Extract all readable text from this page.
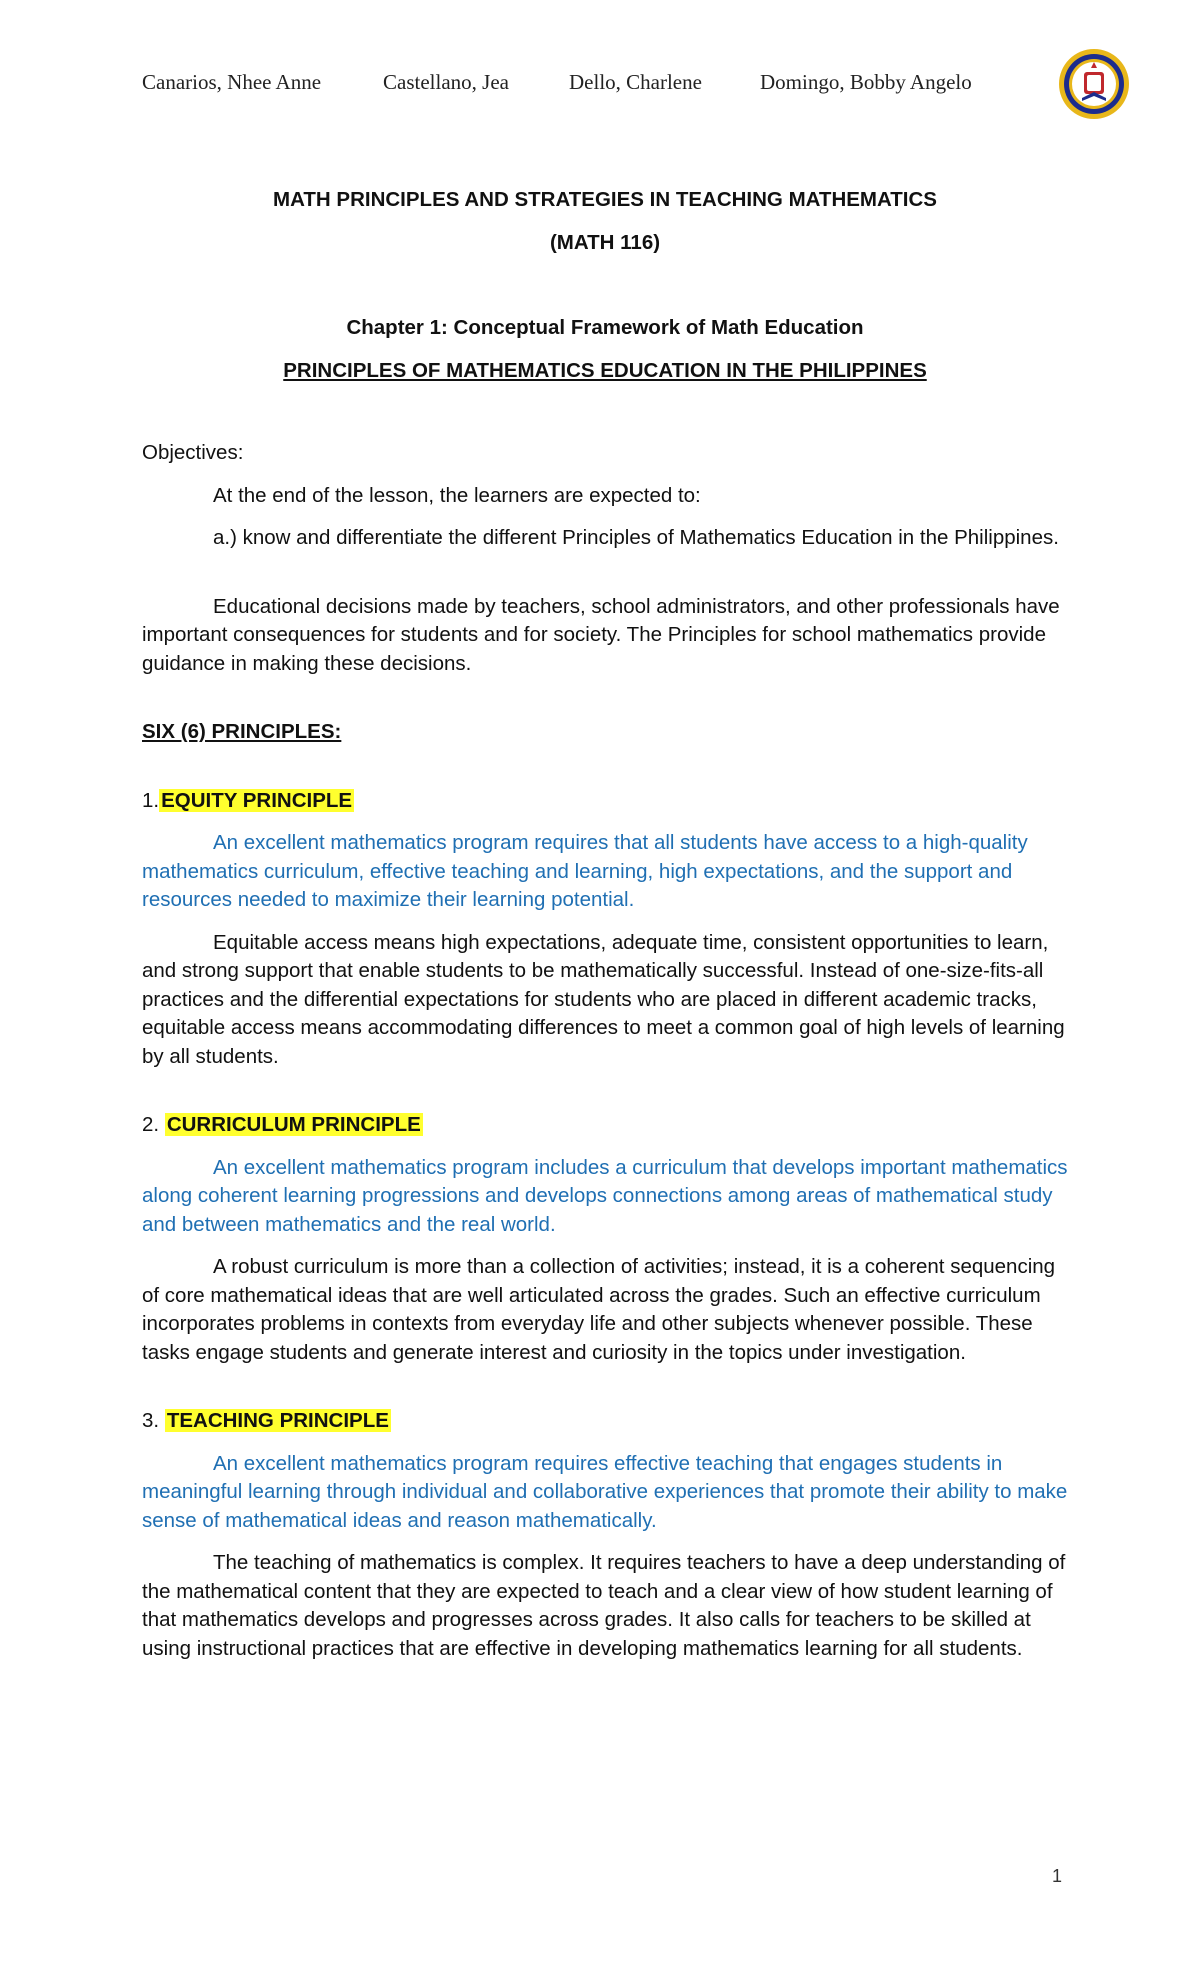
Canarios, Nhee Anne	Castellano, Jea	Dello, Charlene	Domingo, Bobby Angelo

MATH PRINCIPLES AND STRATEGIES IN TEACHING MATHEMATICS

(MATH 116)

Chapter 1: Conceptual Framework of Math Education

PRINCIPLES OF MATHEMATICS EDUCATION IN THE PHILIPPINES

Objectives:

At the end of the lesson, the learners are expected to:

a.) know and differentiate the different Principles of Mathematics Education in the Philippines.

Educational decisions made by teachers, school administrators, and other professionals have important consequences for students and for society. The Principles for school mathematics provide guidance in making these decisions.

SIX (6) PRINCIPLES:

1.EQUITY PRINCIPLE

An excellent mathematics program requires that all students have access to a high-quality mathematics curriculum, effective teaching and learning, high expectations, and the support and resources needed to maximize their learning potential.

Equitable access means high expectations, adequate time, consistent opportunities to learn, and strong support that enable students to be mathematically successful. Instead of one-size-fits-all practices and the differential expectations for students who are placed in different academic tracks, equitable access means accommodating differences to meet a common goal of high levels of learning by all students.

2. CURRICULUM PRINCIPLE

An excellent mathematics program includes a curriculum that develops important mathematics along coherent learning progressions and develops connections among areas of mathematical study and between mathematics and the real world.

A robust curriculum is more than a collection of activities; instead, it is a coherent sequencing of core mathematical ideas that are well articulated across the grades. Such an effective curriculum incorporates problems in contexts from everyday life and other subjects whenever possible. These tasks engage students and generate interest and curiosity in the topics under investigation.

3. TEACHING PRINCIPLE

An excellent mathematics program requires effective teaching that engages students in meaningful learning through individual and collaborative experiences that promote their ability to make sense of mathematical ideas and reason mathematically.

The teaching of mathematics is complex. It requires teachers to have a deep understanding of the mathematical content that they are expected to teach and a clear view of how student learning of that mathematics develops and progresses across grades. It also calls for teachers to be skilled at using instructional practices that are effective in developing mathematics learning for all students.

1
